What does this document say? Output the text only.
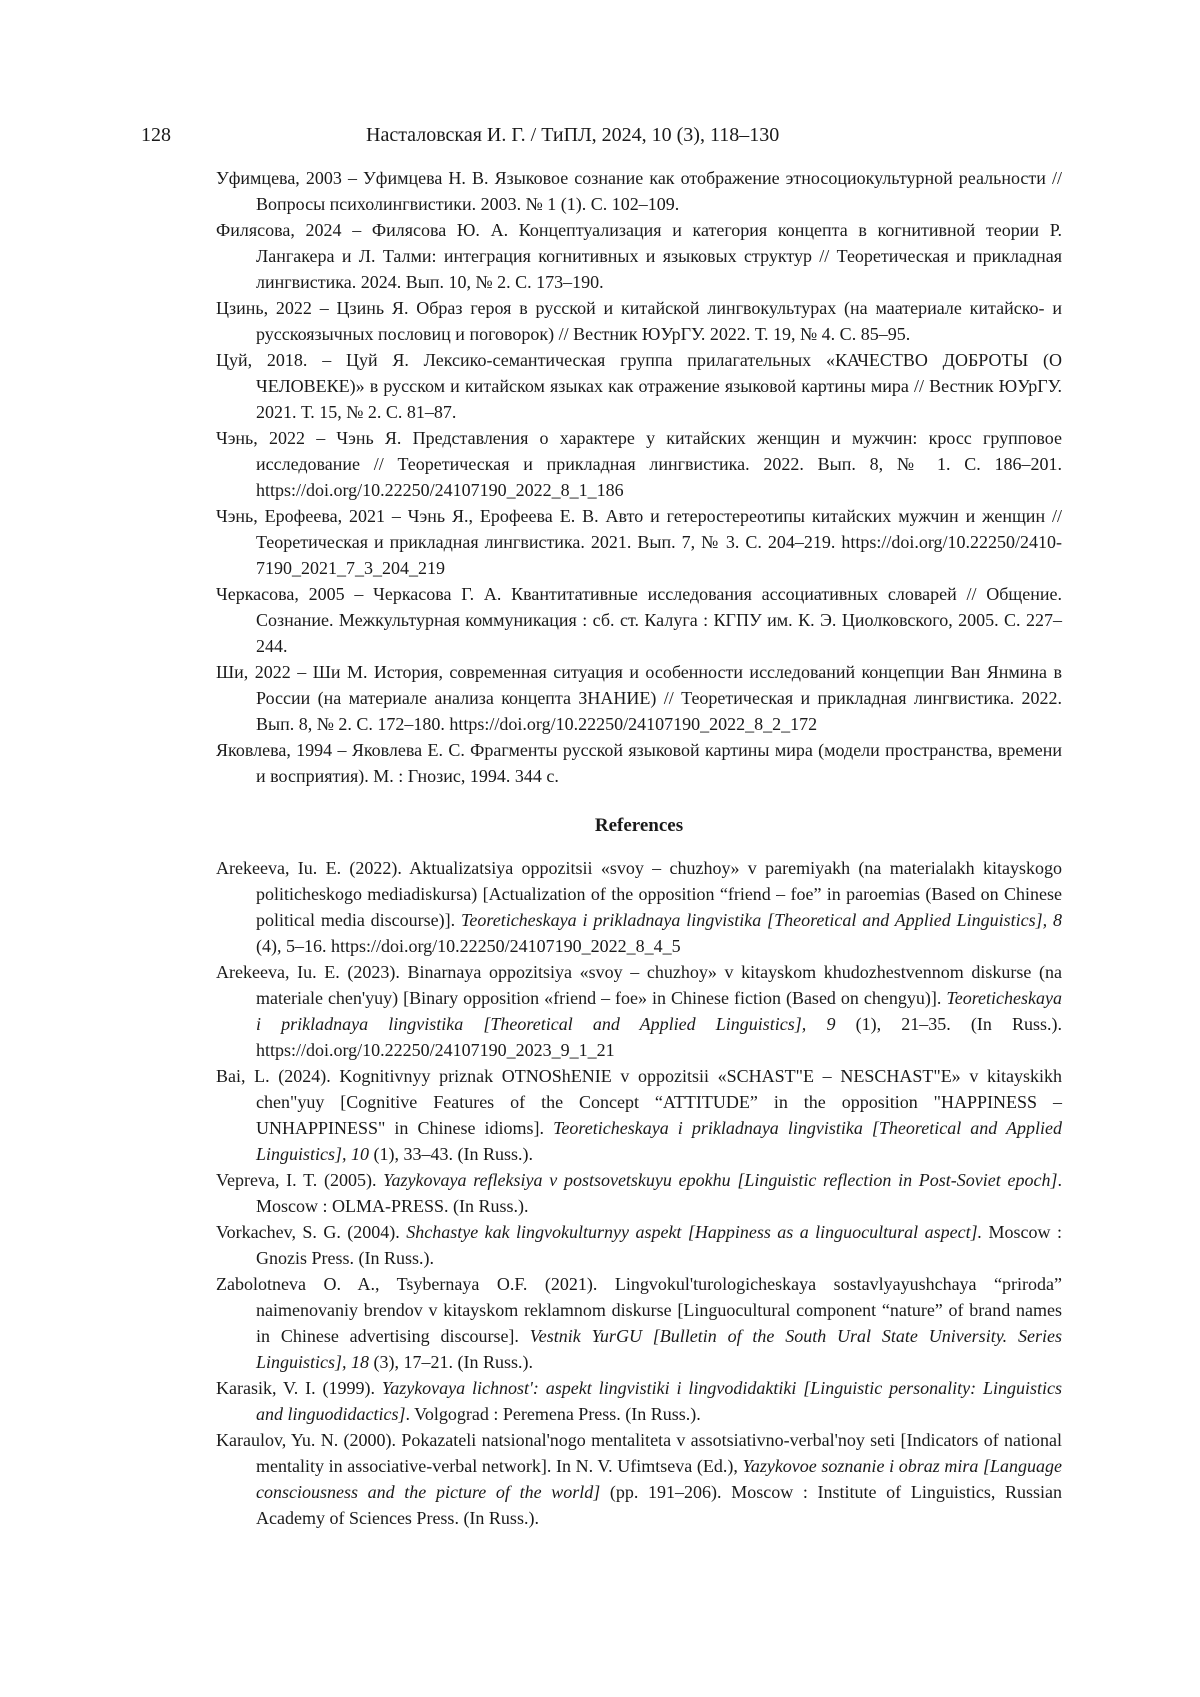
128	Насталовская И. Г. / ТиПЛ, 2024, 10 (3), 118–130
Уфимцева, 2003 – Уфимцева Н. В. Языковое сознание как отображение этносоциокультурной реальности // Вопросы психолингвистики. 2003. № 1 (1). С. 102–109.
Филясова, 2024 – Филясова Ю. А. Концептуализация и категория концепта в когнитивной теории Р. Лангакера и Л. Талми: интеграция когнитивных и языковых структур // Теоретическая и прикладная лингвистика. 2024. Вып. 10, № 2. С. 173–190.
Цзинь, 2022 – Цзинь Я. Образ героя в русской и китайской лингвокультурах (на маатериале китайско- и русскоязычных пословиц и поговорок) // Вестник ЮУрГУ. 2022. Т. 19, № 4. С. 85–95.
Цуй, 2018. – Цуй Я. Лексико-семантическая группа прилагательных «КАЧЕСТВО ДОБРОТЫ (О ЧЕЛОВЕКЕ)» в русском и китайском языках как отражение языковой картины мира // Вестник ЮУрГУ. 2021. Т. 15, № 2. С. 81–87.
Чэнь, 2022 – Чэнь Я. Представления о характере у китайских женщин и мужчин: кросс групповое исследование // Теоретическая и прикладная лингвистика. 2022. Вып. 8, № 1. С. 186–201. https://doi.org/10.22250/24107190_2022_8_1_186
Чэнь, Ерофеева, 2021 – Чэнь Я., Ерофеева Е. В. Авто и гетеростереотипы китайских мужчин и женщин // Теоретическая и прикладная лингвистика. 2021. Вып. 7, № 3. С. 204–219. https://doi.org/10.22250/2410-7190_2021_7_3_204_219
Черкасова, 2005 – Черкасова Г. А. Квантитативные исследования ассоциативных словарей // Общение. Сознание. Межкультурная коммуникация : сб. ст. Калуга : КГПУ им. К. Э. Циолковского, 2005. С. 227–244.
Ши, 2022 – Ши М. История, современная ситуация и особенности исследований концепции Ван Янмина в России (на материале анализа концепта ЗНАНИЕ) // Теоретическая и прикладная лингвистика. 2022. Вып. 8, № 2. С. 172–180. https://doi.org/10.22250/24107190_2022_8_2_172
Яковлева, 1994 – Яковлева Е. С. Фрагменты русской языковой картины мира (модели пространства, времени и восприятия). М. : Гнозис, 1994. 344 с.
References
Arekeeva, Iu. E. (2022). Aktualizatsiya oppozitsii «svoy – chuzhoy» v paremiyakh (na materialakh kitayskogo politicheskogo mediadiskursa) [Actualization of the opposition “friend – foe” in paroemias (Based on Chinese political media discourse)]. Teoreticheskaya i prikladnaya lingvistika [Theoretical and Applied Linguistics], 8 (4), 5–16. https://doi.org/10.22250/24107190_2022_8_4_5
Arekeeva, Iu. E. (2023). Binarnaya oppozitsiya «svoy – chuzhoy» v kitayskom khudozhestvennom diskurse (na materiale chen'yuy) [Binary opposition «friend – foe» in Chinese fiction (Based on chengyu)]. Teoreticheskaya i prikladnaya lingvistika [Theoretical and Applied Linguistics], 9 (1), 21–35. (In Russ.). https://doi.org/10.22250/24107190_2023_9_1_21
Bai, L. (2024). Kognitivnyy priznak OTNOShENIE v oppozitsii «SCHAST"E – NESCHAST"E» v kitayskikh chen"yuy [Cognitive Features of the Concept “ATTITUDE” in the opposition "HAPPINESS – UNHAPPINESS" in Chinese idioms]. Teoreticheskaya i prikladnaya lingvistika [Theoretical and Applied Linguistics], 10 (1), 33–43. (In Russ.).
Vepreva, I. T. (2005). Yazykovaya refleksiya v postsovetskuyu epokhu [Linguistic reflection in Post-Soviet epoch]. Moscow : OLMA-PRESS. (In Russ.).
Vorkachev, S. G. (2004). Shchastye kak lingvokulturnyy aspekt [Happiness as a linguocultural aspect]. Moscow : Gnozis Press. (In Russ.).
Zabolotneva O. A., Tsybernaya O.F. (2021). Lingvokul'turologicheskaya sostavlyayushchaya “priroda” naimenovaniy brendov v kitayskom reklamnom diskurse [Linguocultural component “nature” of brand names in Chinese advertising discourse]. Vestnik YurGU [Bulletin of the South Ural State University. Series Linguistics], 18 (3), 17–21. (In Russ.).
Karasik, V. I. (1999). Yazykovaya lichnost': aspekt lingvistiki i lingvodidaktiki [Linguistic personality: Linguistics and linguodidactics]. Volgograd : Peremena Press. (In Russ.).
Karaulov, Yu. N. (2000). Pokazateli natsional'nogo mentaliteta v assotsiativno-verbal'noy seti [Indicators of national mentality in associative-verbal network]. In N. V. Ufimtseva (Ed.), Yazykovoe soznanie i obraz mira [Language consciousness and the picture of the world] (pp. 191–206). Moscow : Institute of Linguistics, Russian Academy of Sciences Press. (In Russ.).
